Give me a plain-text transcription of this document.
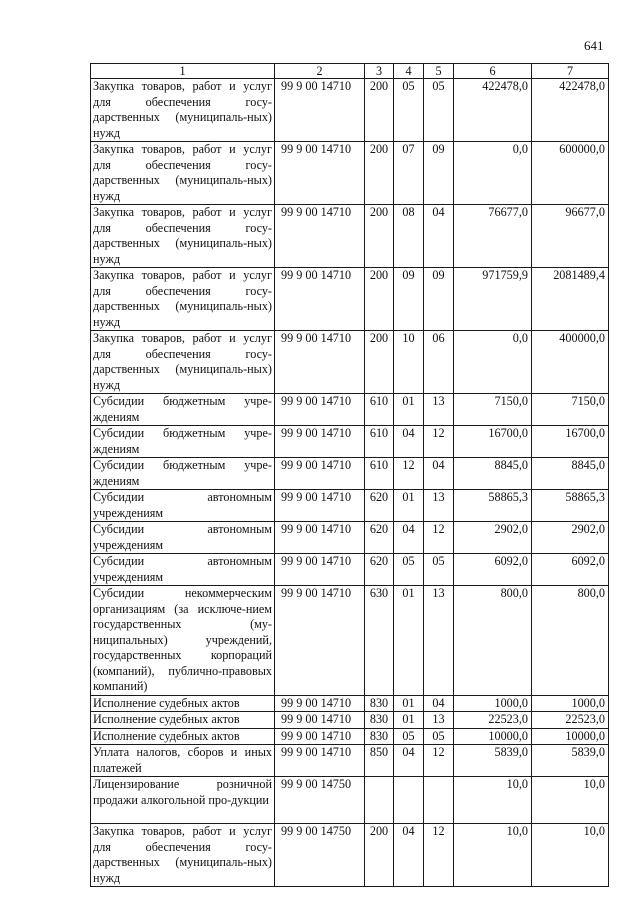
641
1	2	3	4	5	6	7
Закупка товаров, работ и услуг для обеспечения госу-дарственных (муниципаль-ных) нужд	99 9 00 14710	200	05	05	422478,0	422478,0
Закупка товаров, работ и услуг для обеспечения госу-дарственных (муниципаль-ных) нужд	99 9 00 14710	200	07	09	0,0	600000,0
Закупка товаров, работ и услуг для обеспечения госу-дарственных (муниципаль-ных) нужд	99 9 00 14710	200	08	04	76677,0	96677,0
Закупка товаров, работ и услуг для обеспечения госу-дарственных (муниципаль-ных) нужд	99 9 00 14710	200	09	09	971759,9	2081489,4
Закупка товаров, работ и услуг для обеспечения госу-дарственных (муниципаль-ных) нужд	99 9 00 14710	200	10	06	0,0	400000,0
Субсидии бюджетным учре-ждениям	99 9 00 14710	610	01	13	7150,0	7150,0
Субсидии бюджетным учре-ждениям	99 9 00 14710	610	04	12	16700,0	16700,0
Субсидии бюджетным учре-ждениям	99 9 00 14710	610	12	04	8845,0	8845,0
Субсидии автономным учреждениям	99 9 00 14710	620	01	13	58865,3	58865,3
Субсидии автономным учреждениям	99 9 00 14710	620	04	12	2902,0	2902,0
Субсидии автономным учреждениям	99 9 00 14710	620	05	05	6092,0	6092,0
Субсидии некоммерческим организациям (за исключе-нием государственных (му-ниципальных) учреждений, государственных корпораций (компаний), публично-правовых компаний)	99 9 00 14710	630	01	13	800,0	800,0
Исполнение судебных актов	99 9 00 14710	830	01	04	1000,0	1000,0
Исполнение судебных актов	99 9 00 14710	830	01	13	22523,0	22523,0
Исполнение судебных актов	99 9 00 14710	830	05	05	10000,0	10000,0
Уплата налогов, сборов и иных платежей	99 9 00 14710	850	04	12	5839,0	5839,0
Лицензирование розничной продажи алкогольной про-дукции	99 9 00 14750				10,0	10,0
Закупка товаров, работ и услуг для обеспечения госу-дарственных (муниципаль-ных) нужд	99 9 00 14750	200	04	12	10,0	10,0
